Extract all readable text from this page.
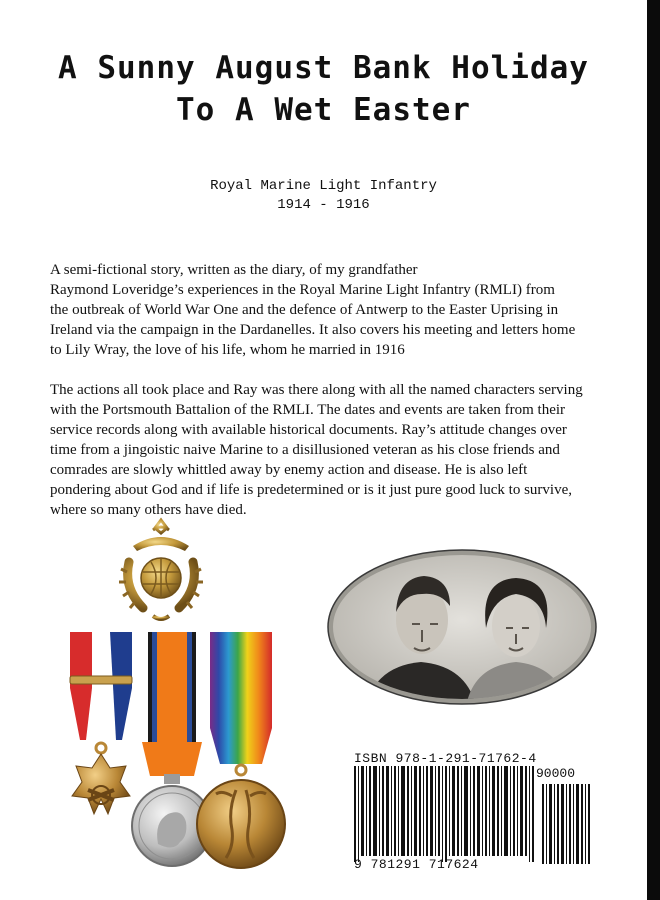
A Sunny August Bank Holiday
To A Wet Easter
Royal Marine Light Infantry
1914 - 1916
A semi-fictional story, written as the diary, of my grandfather
Raymond Loveridge’s experiences in the Royal Marine Light Infantry (RMLI) from
the outbreak of World War One and the defence of Antwerp to the Easter Uprising in
Ireland via the campaign in the Dardanelles. It also covers his meeting and letters home
to Lily Wray, the love of his life, whom he married in 1916
The actions all took place and Ray was there along with all the named characters serving
with the Portsmouth Battalion of the RMLI. The dates and events are taken from their
service records along with available historical documents. Ray’s attitude changes over
time from a jingoistic naive Marine to a disillusioned veteran as his close friends and
comrades are slowly whittled away by enemy action and disease. He is also left
pondering about God and if life is predetermined or is it just pure good luck to survive,
where so many others have died.
ISBN 978-1-291-71762-4
90000
9 781291 717624
